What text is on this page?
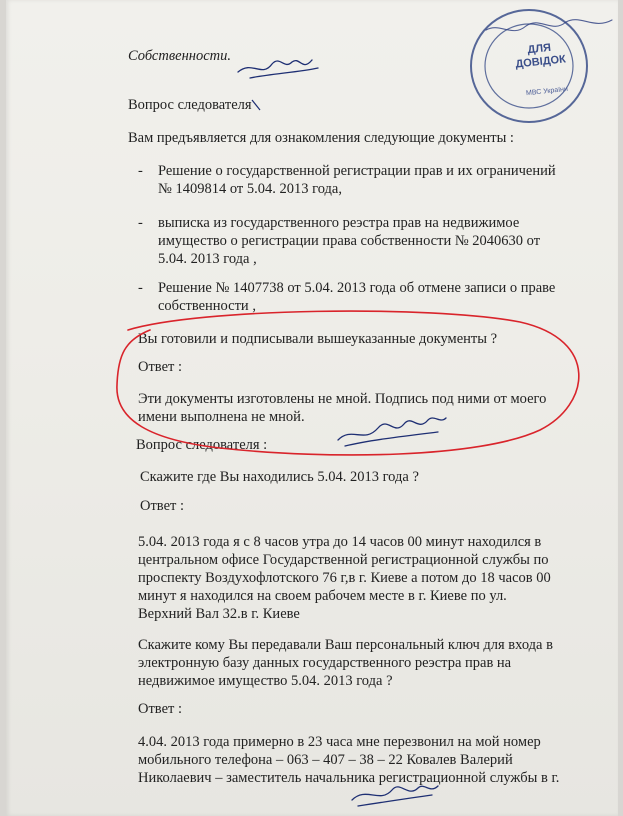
Собственности.
Вопрос следователя
Вам предъявляется для ознакомления следующие документы :
- Решение о государственной регистрации прав и их ограничений
№ 1409814 от 5.04. 2013 года,
- выписка из государственного реэстра прав на недвижимое
имущество о регистрации права собственности № 2040630 от
5.04. 2013 года ,
- Решение № 1407738 от 5.04. 2013 года об отмене записи о праве
собственности ,
Вы готовили и подписывали вышеуказанные документы ?
Ответ :
Эти документы изготовлены не мной. Подпись под ними от моего
имени выполнена не мной.
Вопрос следователя :
Скажите где Вы находились 5.04. 2013 года ?
Ответ :
5.04. 2013 года я с 8 часов утра до 14 часов 00 минут находился в
центральном офисе Государственной регистрационной службы по
проспекту Воздухофлотского 76 г,в г. Киеве а потом до 18 часов 00
минут я находился на своем рабочем месте в г. Киеве по ул.
Верхний Вал 32.в г. Киеве
Скажите кому Вы передавали Ваш персональный ключ для входа в
электронную базу данных государственного реэстра прав на
недвижимое имущество 5.04. 2013 года ?
Ответ :
4.04. 2013 года примерно в 23 часа мне перезвонил на мой номер
мобильного телефона – 063 – 407 – 38 – 22 Ковалев Валерий
Николаевич – заместитель начальника регистрационной службы в г.
ДЛЯ
ДОВІДОК
МВС України
